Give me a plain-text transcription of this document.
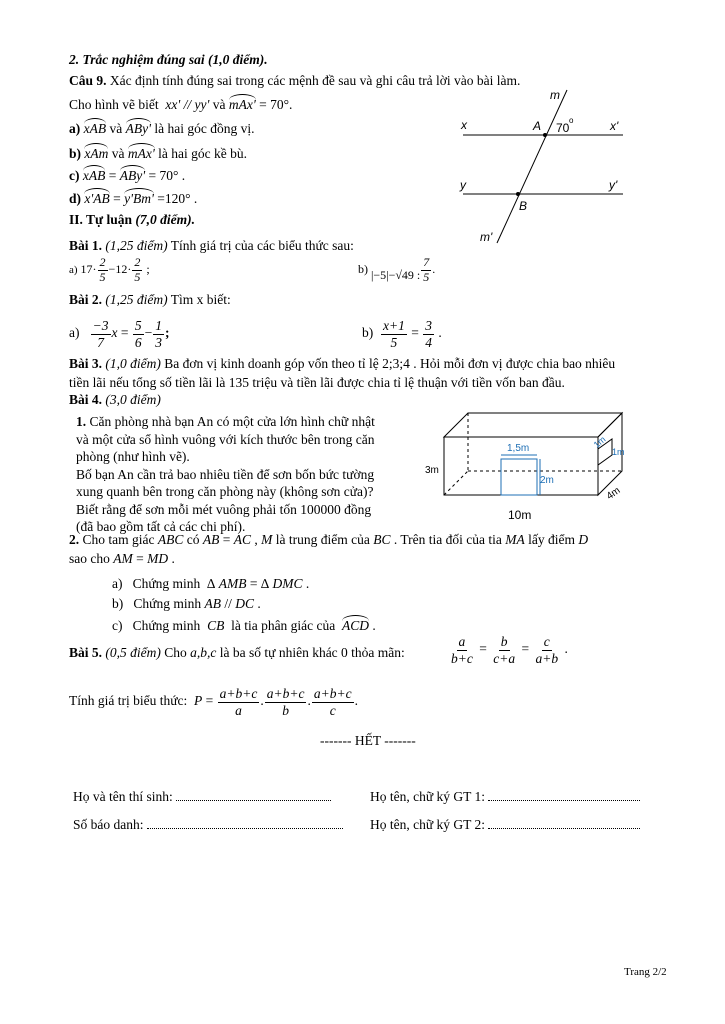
2. Trắc nghiệm đúng sai (1,0 điểm).
Câu 9. Xác định tính đúng sai trong các mệnh đề sau và ghi câu trả lời vào bài làm.
Cho hình vẽ biết  xx' // yy' và mAx' = 70°.
a) xAB và ABy' là hai góc đồng vị.
b) xAm và mAx' là hai góc kề bù.
c) xAB = ABy' = 70° .
d) x'AB = y'Bm' =120° .
m
x	A 70
o	x'
y	y'
B
m'
II. Tự luận (7,0 điểm).
Bài 1. (1,25 điểm) Tính giá trị của các biểu thức sau:
a) $17\cdot \frac{2}{5} -12\cdot \frac{2}{5}$ ;	b) |−5|−√49 : $\frac{7}{5}$ .
Bài 2. (1,25 điểm) Tìm x biết:
$a) \frac{-3}{7}$ $x = \frac{5}{6} - \frac{1}{3}$ ;	$b) \frac{x+1}{5} = \frac{3}{4}$ .
Bài 3. (1,0 điểm) Ba đơn vị kinh doanh góp vốn theo tỉ lệ 2;3;4 . Hỏi mỗi đơn vị được chia bao nhiêu
tiền lãi nếu tổng số tiền lãi là 135 triệu và tiền lãi được chia tỉ lệ thuận với tiền vốn ban đầu.
Bài 4. (3,0 điểm)
1. Căn phòng nhà bạn An có một cửa lớn hình chữ nhật
và một cửa sổ hình vuông với kích thước bên trong căn
phòng (như hình vẽ).
Bố bạn An cần trả bao nhiêu tiền để sơn bốn bức tường
xung quanh bên trong căn phòng này (không sơn cửa)?
Biết rằng để sơn mỗi mét vuông phải tốn 100000 đồng
(đã bao gồm tất cả các chi phí).
1,5m
2m
1m
1m
3m
10m
4m
2. Cho tam giác ABC có AB = AC , M là trung điểm của BC . Trên tia đối của tia MA lấy điểm D
sao cho AM = MD .
a)   Chứng minh  ∆ AMB = ∆ DMC .
b)   Chứng minh AB // DC .
c)   Chứng minh  CB  là tia phân giác của  ACD .
Bài 5. (0,5 điểm) Cho a,b,c là ba số tự nhiên khác 0 thỏa mãn:	$\frac{a}{b+c} = \frac{b}{c+a} = \frac{c}{a+b}$ .
Tính giá trị biểu thức: $P = \frac{a+b+c}{a}$ . $\frac{a+b+c}{b}$ . $\frac{a+b+c}{c}$ .
------- HẾT -------
Họ và tên thí sinh:	Họ tên, chữ ký GT 1:
Số báo danh:	Họ tên, chữ ký GT 2:
Trang 2/2
